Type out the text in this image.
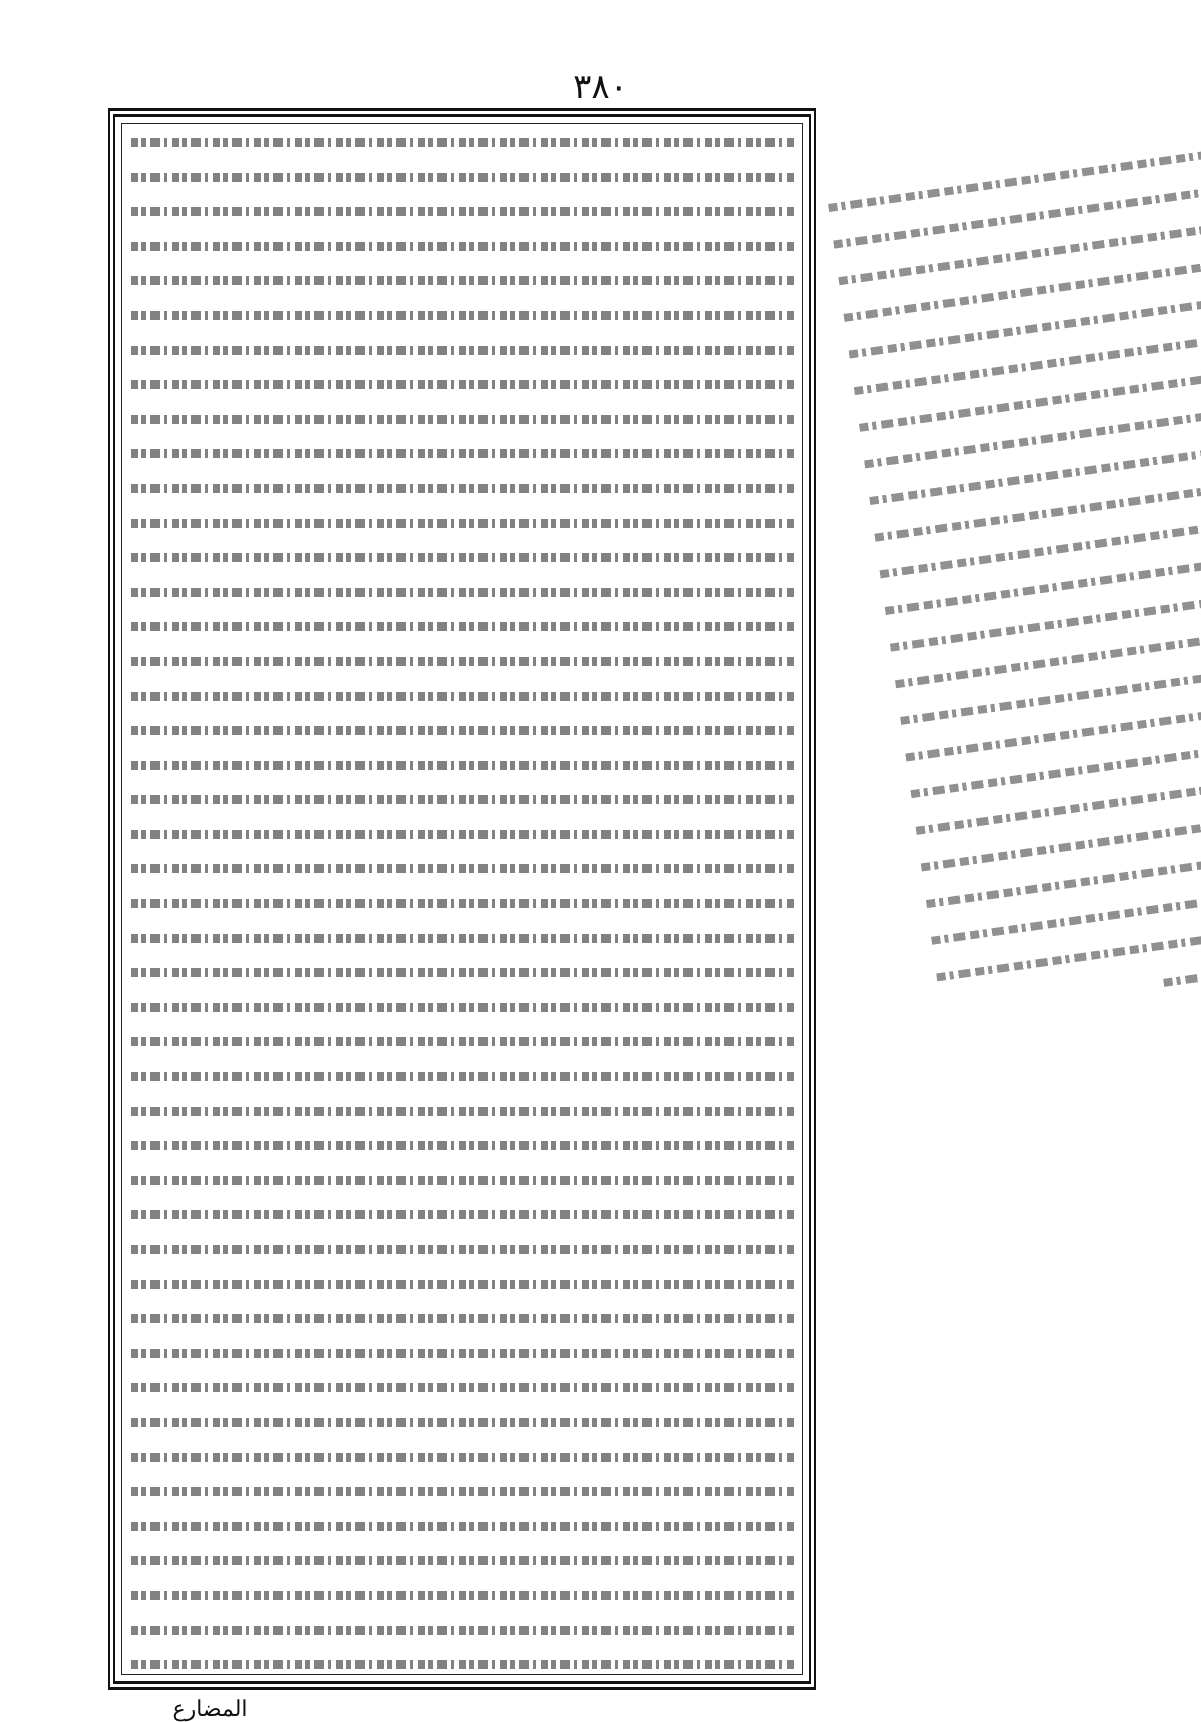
٣٨٠
المضارع
